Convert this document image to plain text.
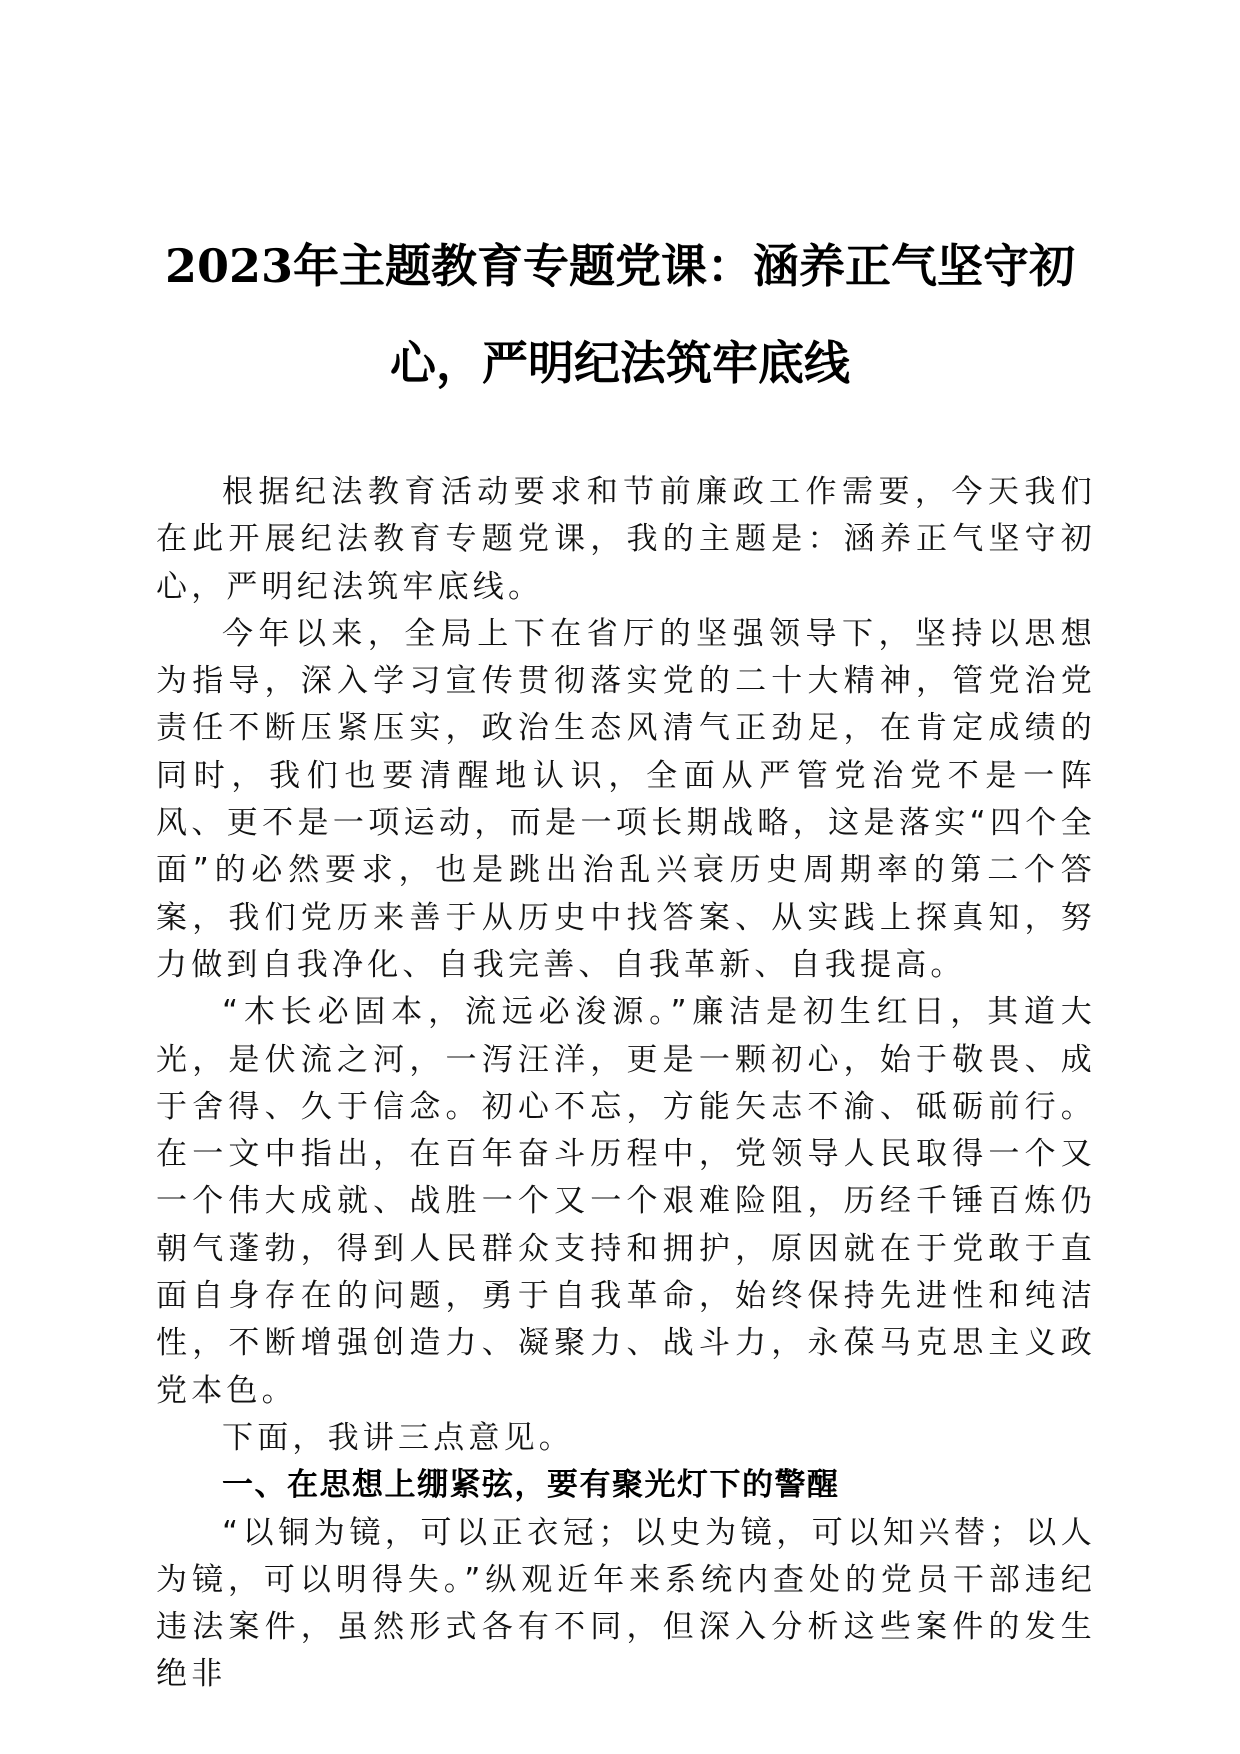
2023年主题教育专题党课：涵养正气坚守初
心，严明纪法筑牢底线

根据纪法教育活动要求和节前廉政工作需要，今天我们在此开展纪法教育专题党课，我的主题是：涵养正气坚守初心，严明纪法筑牢底线。

今年以来，全局上下在省厅的坚强领导下，坚持以思想为指导，深入学习宣传贯彻落实党的二十大精神，管党治党责任不断压紧压实，政治生态风清气正劲足，在肯定成绩的同时，我们也要清醒地认识，全面从严管党治党不是一阵风、更不是一项运动，而是一项长期战略，这是落实“四个全面”的必然要求，也是跳出治乱兴衰历史周期率的第二个答案，我们党历来善于从历史中找答案、从实践上探真知，努力做到自我净化、自我完善、自我革新、自我提高。

“木长必固本，流远必浚源。”廉洁是初生红日，其道大光，是伏流之河，一泻汪洋，更是一颗初心，始于敬畏、成于舍得、久于信念。初心不忘，方能矢志不渝、砥砺前行。在一文中指出，在百年奋斗历程中，党领导人民取得一个又一个伟大成就、战胜一个又一个艰难险阻，历经千锤百炼仍朝气蓬勃，得到人民群众支持和拥护，原因就在于党敢于直面自身存在的问题，勇于自我革命，始终保持先进性和纯洁性，不断增强创造力、凝聚力、战斗力，永葆马克思主义政党本色。

下面，我讲三点意见。

一、在思想上绷紧弦，要有聚光灯下的警醒

“以铜为镜，可以正衣冠；以史为镜，可以知兴替；以人为镜，可以明得失。”纵观近年来系统内查处的党员干部违纪违法案件，虽然形式各有不同，但深入分析这些案件的发生绝非
